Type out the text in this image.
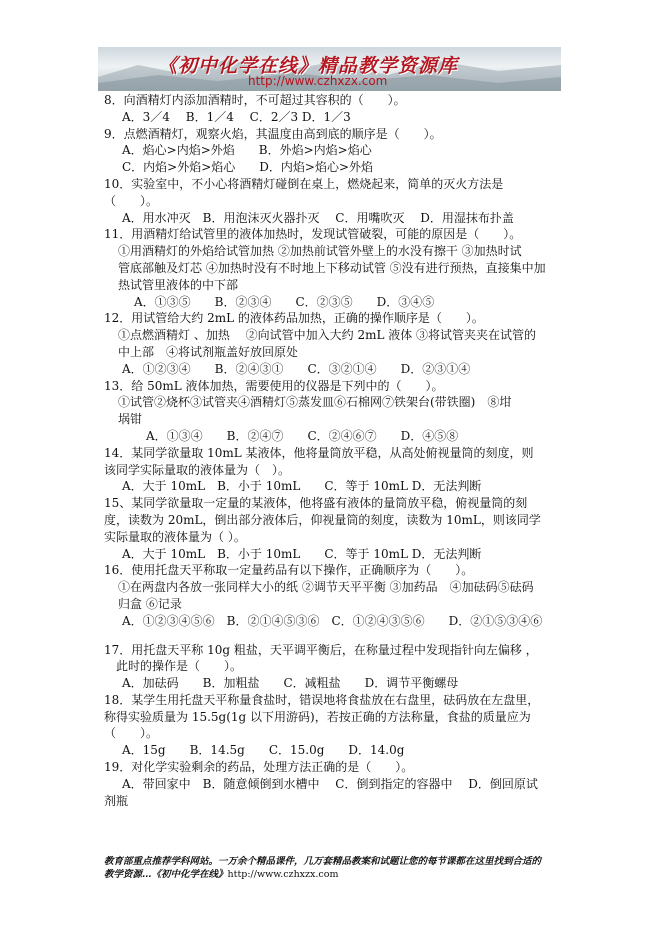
《初中化学在线》精品教学资源库
http://www.czhxzx.com

8．向酒精灯内添加酒精时，不可超过其容积的（　　）。

A．3／4　 B．1／4　 C．2／3 D．1／3

9．点燃酒精灯，观察火焰，其温度由高到底的顺序是（　　）。

A．焰心>内焰>外焰　　B．外焰>内焰>焰心

C．内焰>外焰>焰心　　D．内焰>焰心>外焰

10．实验室中，不小心将酒精灯碰倒在桌上，燃烧起来，简单的灭火方法是

（　　）。

A．用水冲灭　B．用泡沫灭火器扑灭　 C．用嘴吹灭　 D．用湿抹布扑盖

11．用酒精灯给试管里的液体加热时，发现试管破裂，可能的原因是（　　）。

①用酒精灯的外焰给试管加热 ②加热前试管外壁上的水没有擦干 ③加热时试

管底部触及灯芯 ④加热时没有不时地上下移动试管 ⑤没有进行预热，直接集中加

热试管里液体的中下部

　A．①③⑤　　B．②③④　　C．②③⑤　　D．③④⑤

12．用试管给大约 2mL 的液体药品加热，正确的操作顺序是（　　）。

①点燃酒精灯 、加热　 ②向试管中加入大约 2mL 液体 ③将试管夹夹在试管的

中上部　④将试剂瓶盖好放回原处

A．①②③④　　B．②④③①　　C．③②①④　　D．②③①④

13．给 50mL 液体加热，需要使用的仪器是下列中的（　　）。

①试管②烧杯③试管夹④酒精灯⑤蒸发皿⑥石棉网⑦铁架台(带铁圈)　⑧坩

埚钳

　　A．①③④　　B．②④⑦　　C．②④⑥⑦　　D．④⑤⑧

14．某同学欲量取 10mL 某液体，他将量筒放平稳，从高处俯视量筒的刻度，则

该同学实际量取的液体量为（　）。

A．大于 10mL　B．小于 10mL　　C．等于 10mL D．无法判断

15、某同学欲量取一定量的某液体，他将盛有液体的量筒放平稳，俯视量筒的刻

度，读数为 20mL，倒出部分液体后，仰视量筒的刻度，读数为 10mL，则该同学

实际量取的液体量为（ ）。

A．大于 10mL　B．小于 10mL　　C．等于 10mL D．无法判断

16．使用托盘天平称取一定量药品有以下操作，正确顺序为（　　）。

①在两盘内各放一张同样大小的纸 ②调节天平平衡 ③加药品　④加砝码⑤砝码

归盒 ⑥记录

A．①②③④⑤⑥　B．②①④⑤③⑥　C．①②④③⑤⑥　　D．②①⑤③④⑥

17．用托盘天平称 10g 粗盐，天平调平衡后，在称量过程中发现指针向左偏移 ，

　此时的操作是（　　）。

A．加砝码　　B．加粗盐　　C．减粗盐　　D．调节平衡螺母

18．某学生用托盘天平称量食盐时，错误地将食盐放在右盘里，砝码放在左盘里，

称得实验质量为 15.5g(1g 以下用游码)，若按正确的方法称量，食盐的质量应为

（　　）。

A．15g　　B．14.5g　　C．15.0g　　D．14.0g

19．对化学实验剩余的药品，处理方法正确的是（　　）。

A．带回家中　B．随意倾倒到水槽中　 C．倒到指定的容器中　 D．倒回原试

剂瓶

教育部重点推荐学科网站。一万余个精品课件，几万套精品教案和试题让您的每节课都在这里找到合适的
教学资源…《初中化学在线》http://www.czhxzx.com
